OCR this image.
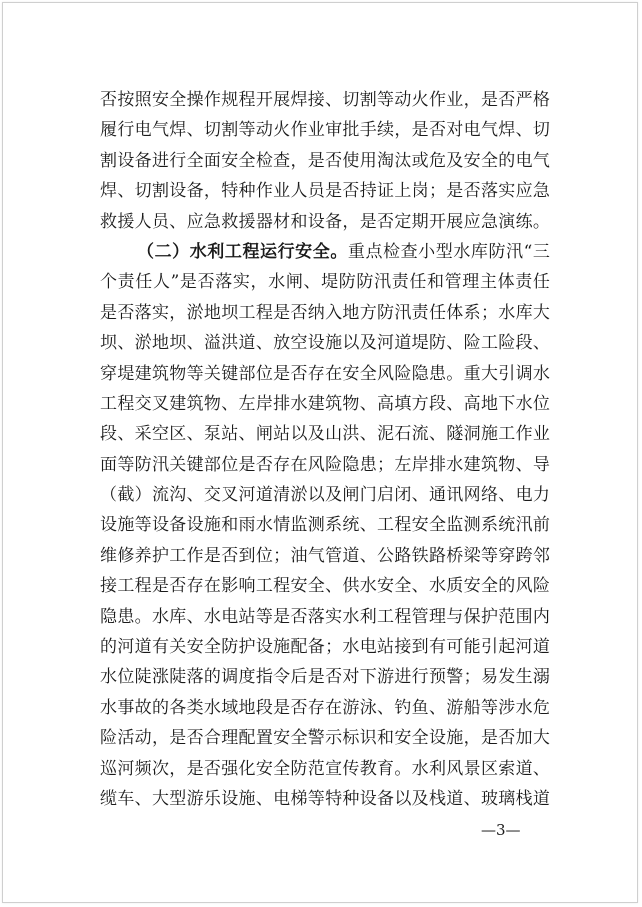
否按照安全操作规程开展焊接、切割等动火作业，是否严格
履行电气焊、切割等动火作业审批手续，是否对电气焊、切
割设备进行全面安全检查，是否使用淘汰或危及安全的电气
焊、切割设备，特种作业人员是否持证上岗；是否落实应急
救援人员、应急救援器材和设备，是否定期开展应急演练。
（二）水利工程运行安全。重点检查小型水库防汛“三
个责任人”是否落实，水闸、堤防防汛责任和管理主体责任
是否落实，淤地坝工程是否纳入地方防汛责任体系；水库大
坝、淤地坝、溢洪道、放空设施以及河道堤防、险工险段、
穿堤建筑物等关键部位是否存在安全风险隐患。重大引调水
工程交叉建筑物、左岸排水建筑物、高填方段、高地下水位
段、采空区、泵站、闸站以及山洪、泥石流、隧洞施工作业
面等防汛关键部位是否存在风险隐患；左岸排水建筑物、导
（截）流沟、交叉河道清淤以及闸门启闭、通讯网络、电力
设施等设备设施和雨水情监测系统、工程安全监测系统汛前
维修养护工作是否到位；油气管道、公路铁路桥梁等穿跨邻
接工程是否存在影响工程安全、供水安全、水质安全的风险
隐患。水库、水电站等是否落实水利工程管理与保护范围内
的河道有关安全防护设施配备；水电站接到有可能引起河道
水位陡涨陡落的调度指令后是否对下游进行预警；易发生溺
水事故的各类水域地段是否存在游泳、钓鱼、游船等涉水危
险活动，是否合理配置安全警示标识和安全设施，是否加大
巡河频次，是否强化安全防范宣传教育。水利风景区索道、
缆车、大型游乐设施、电梯等特种设备以及栈道、玻璃栈道
—3—
